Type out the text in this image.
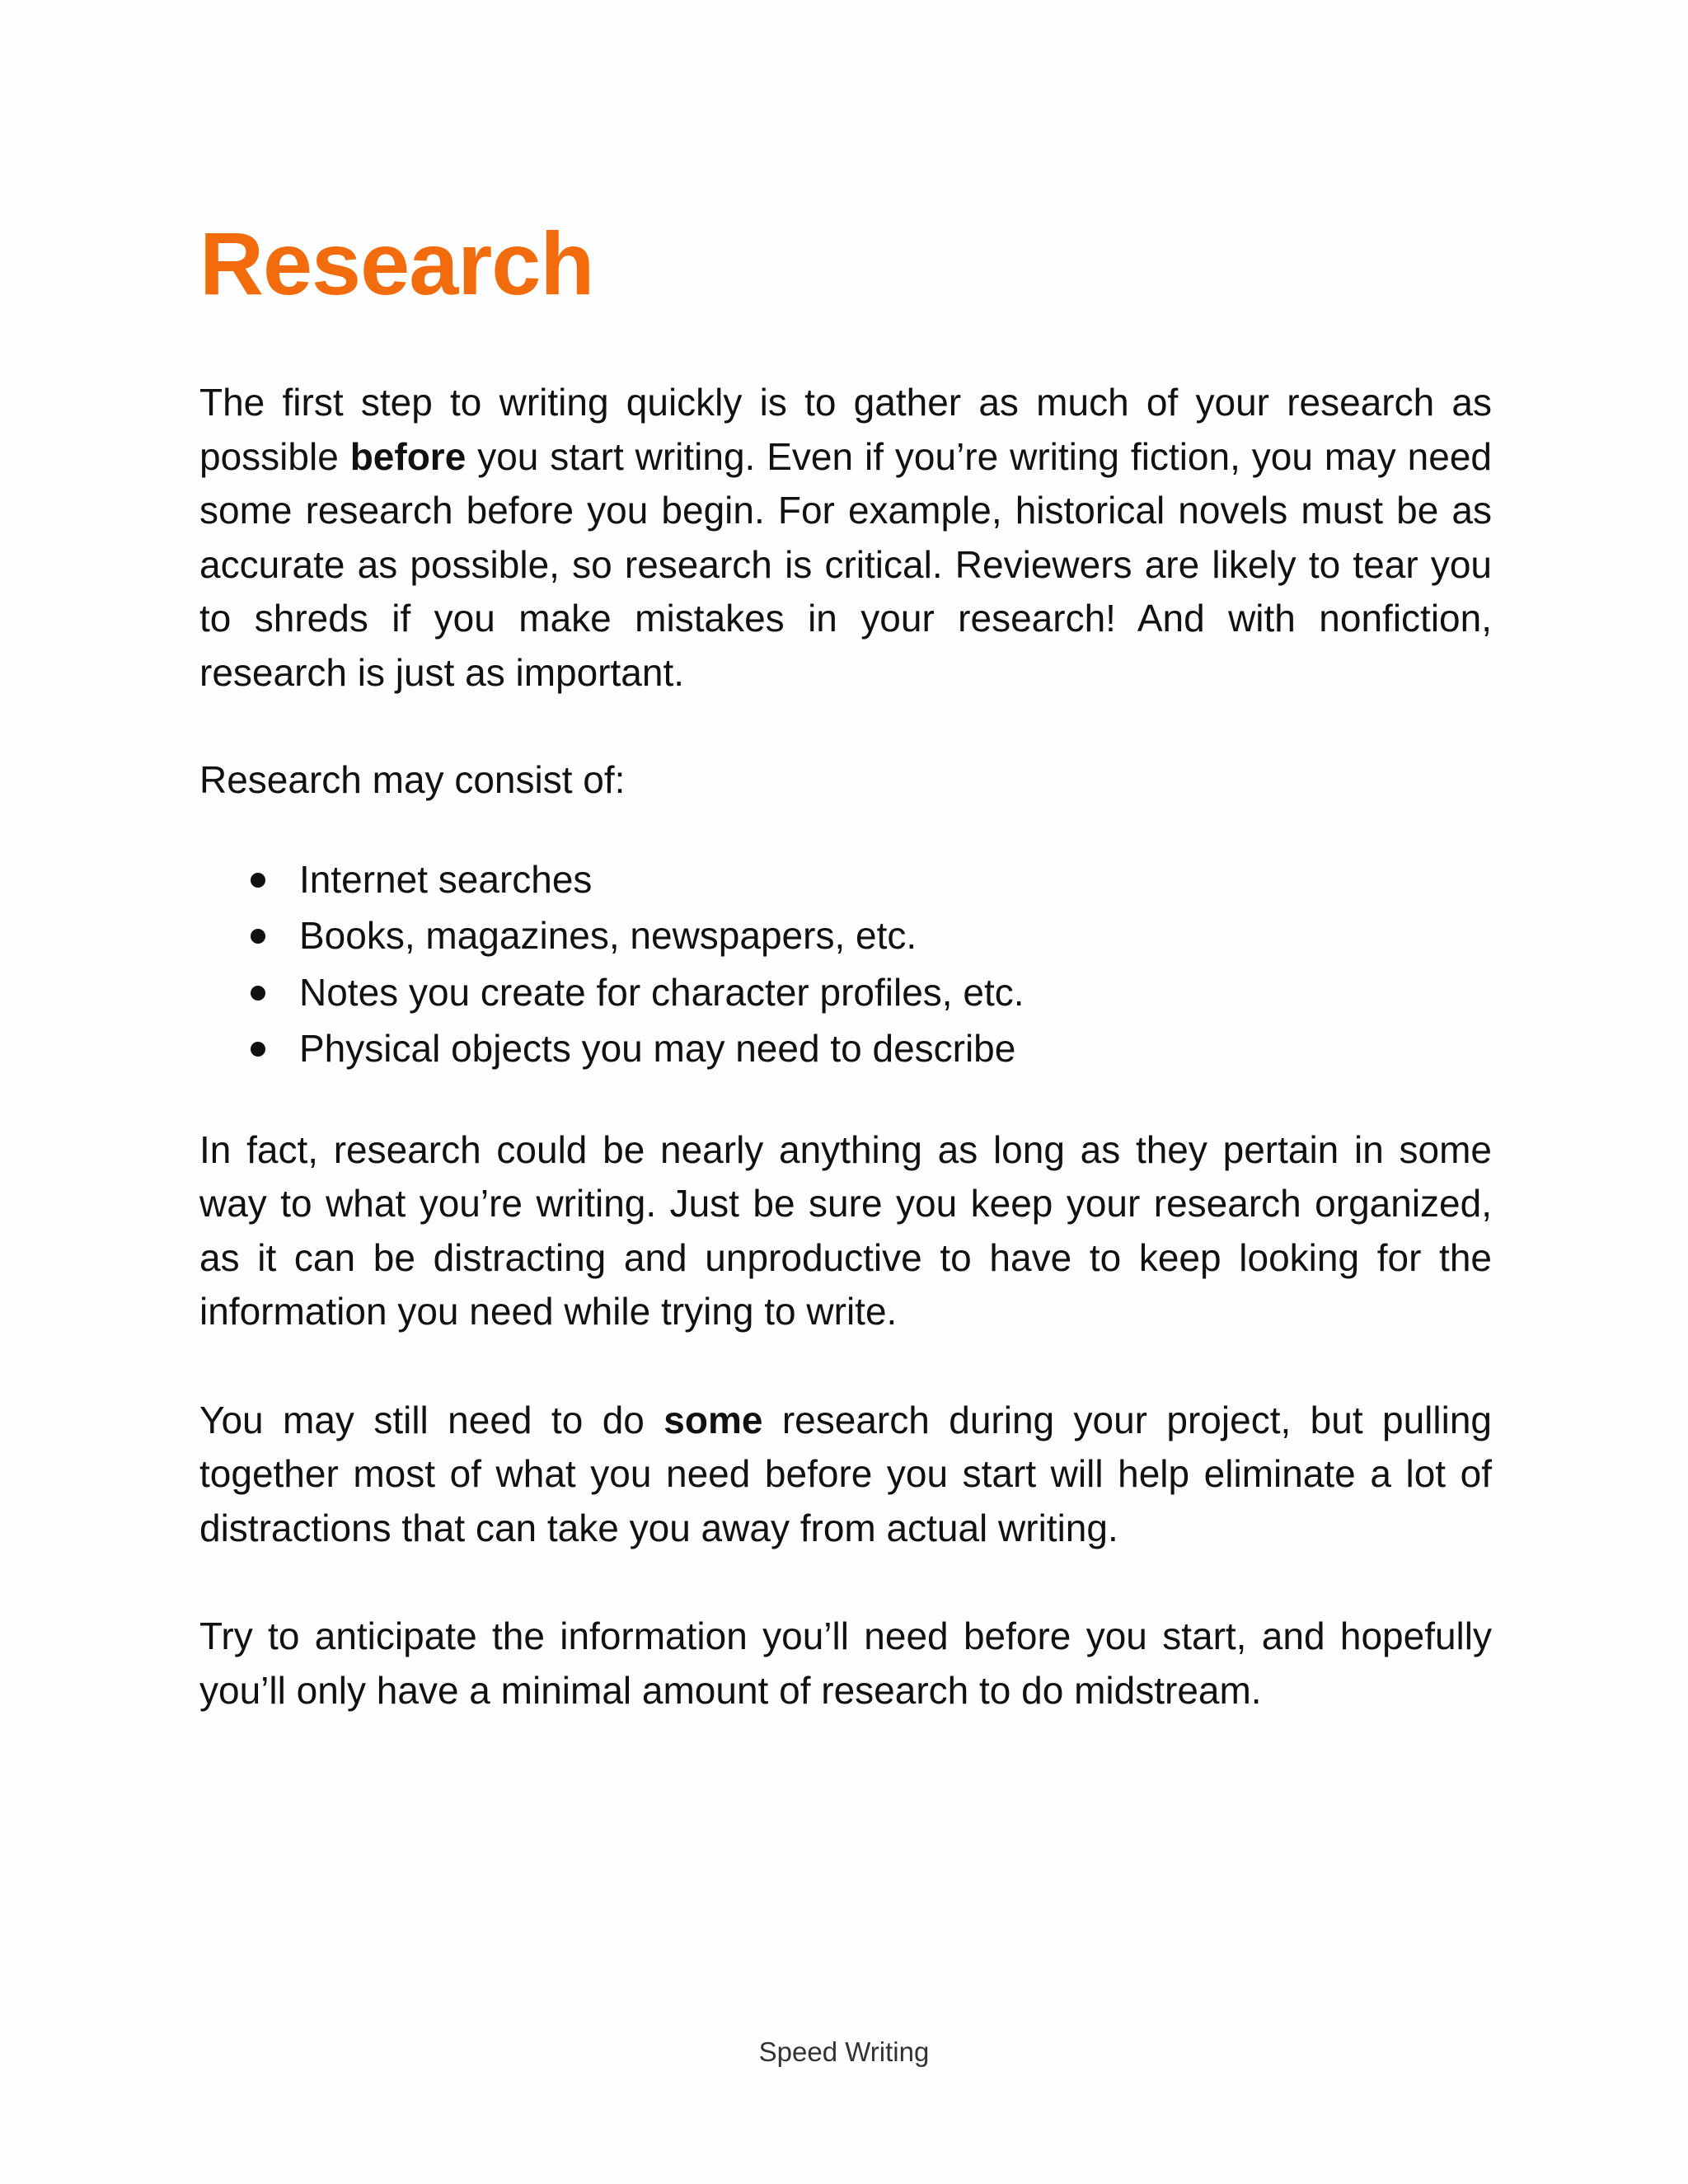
Research

The first step to writing quickly is to gather as much of your research as possible before you start writing. Even if you’re writing fiction, you may need some research before you begin. For example, historical novels must be as accurate as possible, so research is critical. Reviewers are likely to tear you to shreds if you make mistakes in your research! And with nonfiction, research is just as important.

Research may consist of:

Internet searches
Books, magazines, newspapers, etc.
Notes you create for character profiles, etc.
Physical objects you may need to describe

In fact, research could be nearly anything as long as they pertain in some way to what you’re writing. Just be sure you keep your research organized, as it can be distracting and unproductive to have to keep looking for the information you need while trying to write.

You may still need to do some research during your project, but pulling together most of what you need before you start will help eliminate a lot of distractions that can take you away from actual writing.

Try to anticipate the information you’ll need before you start, and hopefully you’ll only have a minimal amount of research to do midstream.

Speed Writing
